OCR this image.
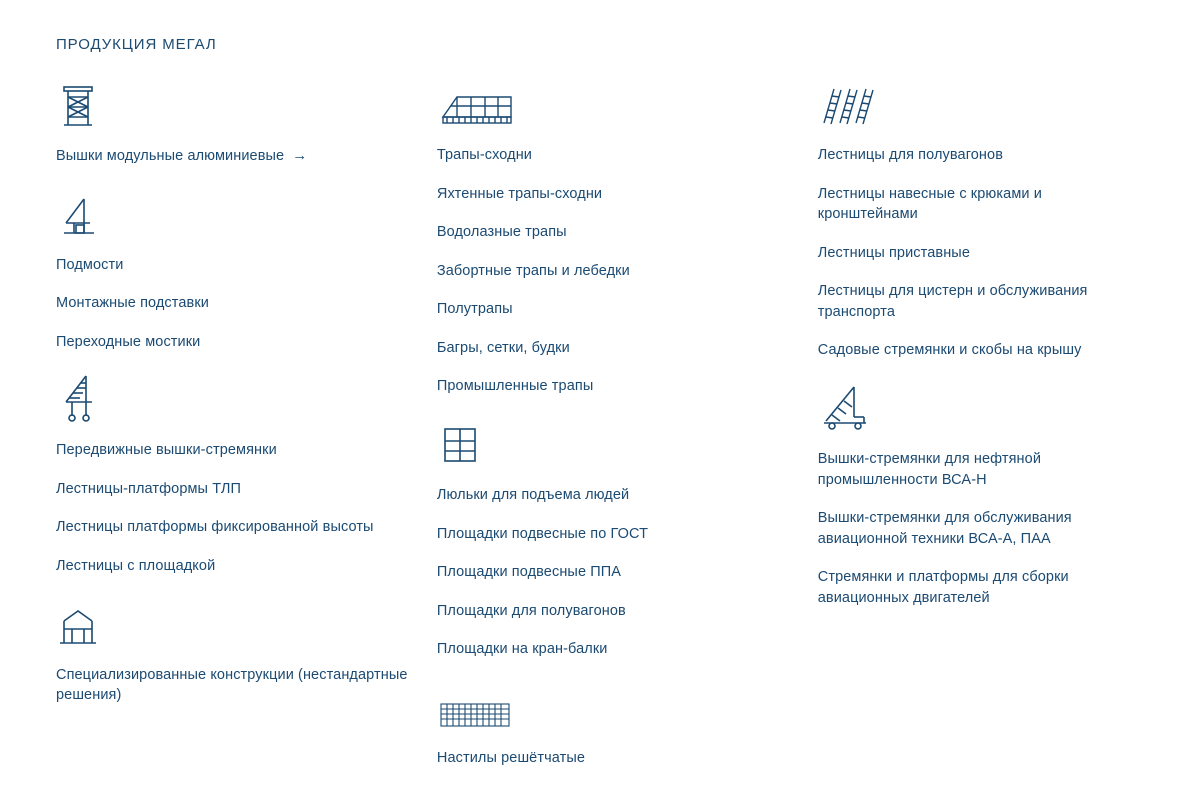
ПРОДУКЦИЯ МЕГАЛ
Вышки модульные алюминиевые →
Подмости
Монтажные подставки
Переходные мостики
Передвижные вышки-стремянки
Лестницы-платформы ТЛП
Лестницы платформы фиксированной высоты
Лестницы с площадкой
Специализированные конструкции (нестандартные решения)
Трапы-сходни
Яхтенные трапы-сходни
Водолазные трапы
Забортные трапы и лебедки
Полутрапы
Багры, сетки, будки
Промышленные трапы
Люльки для подъема людей
Площадки подвесные по ГОСТ
Площадки подвесные ППА
Площадки для полувагонов
Площадки на кран-балки
Настилы решётчатые
Лестницы для полувагонов
Лестницы навесные с крюками и кронштейнами
Лестницы приставные
Лестницы для цистерн и обслуживания транспорта
Садовые стремянки и скобы на крышу
Вышки-стремянки для нефтяной промышленности ВСА-Н
Вышки-стремянки для обслуживания авиационной техники ВСА-А, ПАА
Стремянки и платформы для сборки авиационных двигателей
